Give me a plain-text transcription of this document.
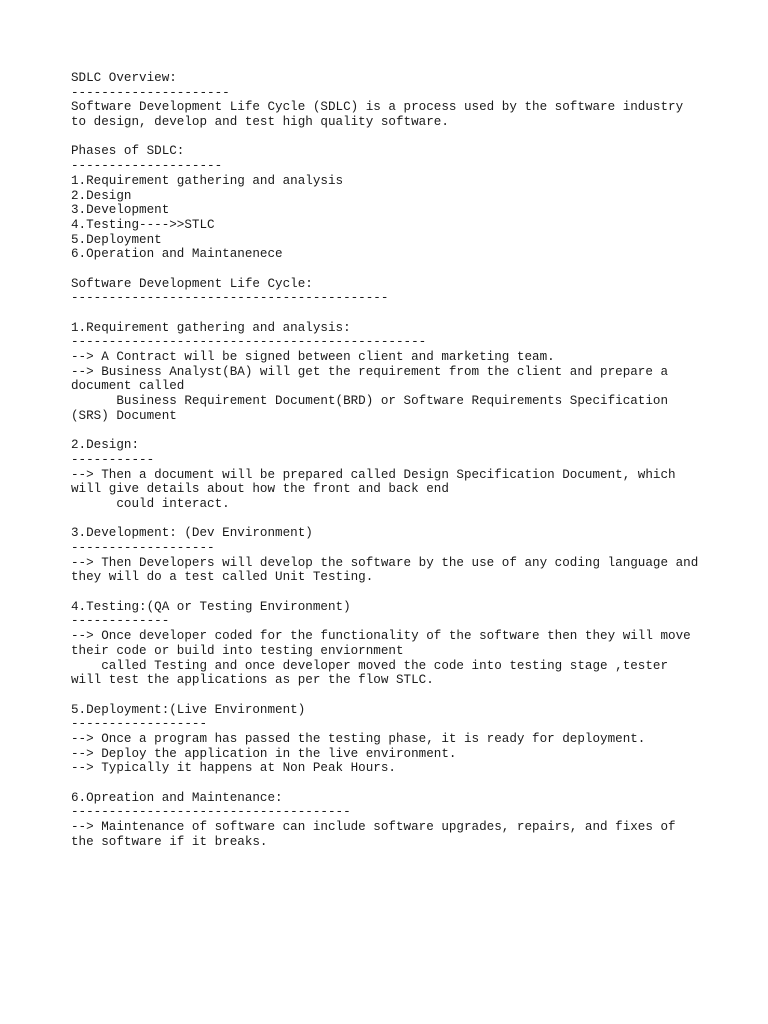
SDLC Overview:
---------------------
Software Development Life Cycle (SDLC) is a process used by the software industry
to design, develop and test high quality software.
Phases of SDLC:
--------------------
1.Requirement gathering and analysis
2.Design
3.Development
4.Testing---->>STLC
5.Deployment
6.Operation and Maintanenece
Software Development Life Cycle:
------------------------------------------
1.Requirement gathering and analysis:
-----------------------------------------------
--> A Contract will be signed between client and marketing team.
--> Business Analyst(BA) will get the requirement from the client and prepare a
document called
Business Requirement Document(BRD) or Software Requirements Specification
(SRS) Document
2.Design:
-----------
--> Then a document will be prepared called Design Specification Document, which
will give details about how the front and back end
could interact.
3.Development: (Dev Environment)
-------------------
--> Then Developers will develop the software by the use of any coding language and
they will do a test called Unit Testing.
4.Testing:(QA or Testing Environment)
-------------
--> Once developer coded for the functionality of the software then they will move
their code or build into testing enviornment
called Testing and once developer moved the code into testing stage ,tester
will test the applications as per the flow STLC.
5.Deployment:(Live Environment)
------------------
--> Once a program has passed the testing phase, it is ready for deployment.
--> Deploy the application in the live environment.
--> Typically it happens at Non Peak Hours.
6.Opreation and Maintenance:
-------------------------------------
--> Maintenance of software can include software upgrades, repairs, and fixes of
the software if it breaks.
